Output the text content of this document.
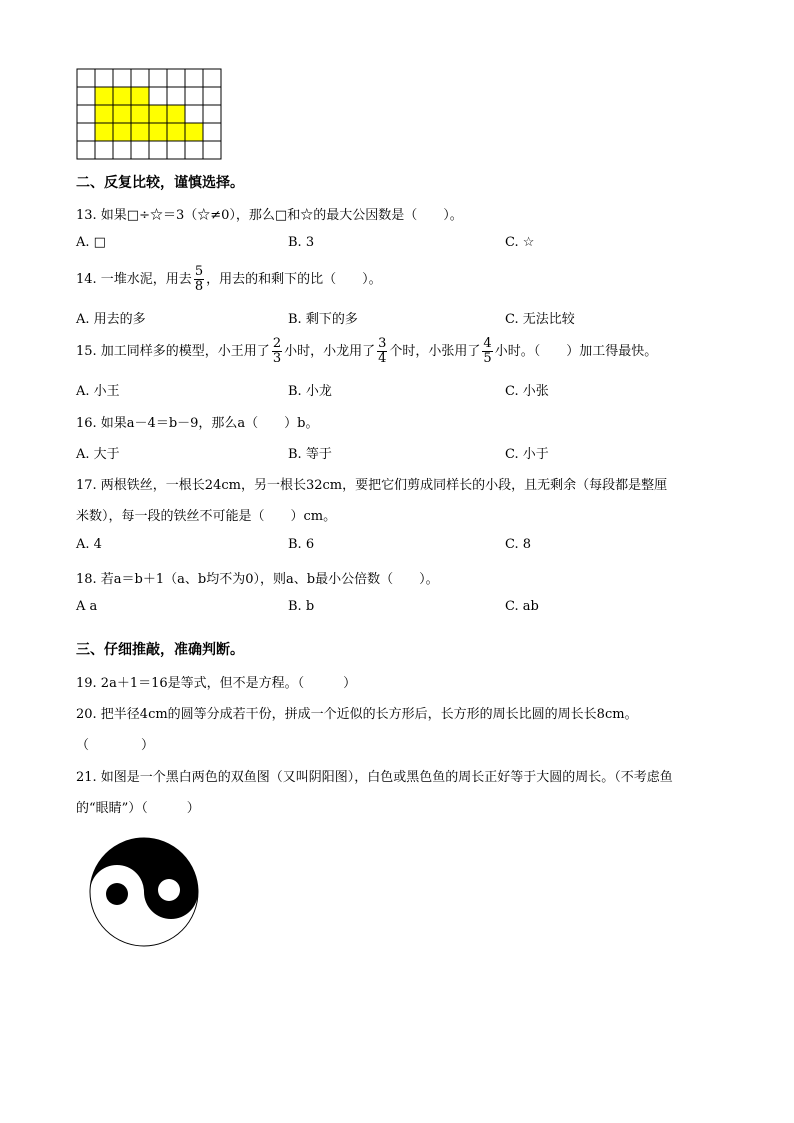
二、反复比较，谨慎选择。
13. 如果□÷☆＝3（☆≠0），那么□和☆的最大公因数是（　　）。
A. □	B. 3	C. ☆
14. 一堆水泥，用去 $\frac{5}{8}$ ，用去的和剩下的比（　　）。
A. 用去的多	B. 剩下的多	C. 无法比较
15. 加工同样多的模型，小王用了 $\frac{2}{3}$ 小时，小龙用了 $\frac{3}{4}$ 个时，小张用了 $\frac{4}{5}$ 小时。（　　）加工得最快。
A. 小王	B. 小龙	C. 小张
16. 如果a－4＝b－9，那么a（　　）b。
A. 大于	B. 等于	C. 小于
17. 两根铁丝，一根长24cm，另一根长32cm，要把它们剪成同样长的小段，且无剩余（每段都是整厘
米数），每一段的铁丝不可能是（　　）cm。
A. 4	B. 6	C. 8
18. 若a＝b＋1（a、b均不为0），则a、b最小公倍数（　　）。
A a	B. b	C. ab
三、仔细推敲，准确判断。
19. 2a＋1＝16是等式，但不是方程。（　　　）
20. 把半径4cm的圆等分成若干份，拼成一个近似的长方形后，长方形的周长比圆的周长长8cm。
（　　　　）
21. 如图是一个黑白两色的双鱼图（又叫阴阳图），白色或黑色鱼的周长正好等于大圆的周长。（不考虑鱼
的“眼睛”）（　　　）
